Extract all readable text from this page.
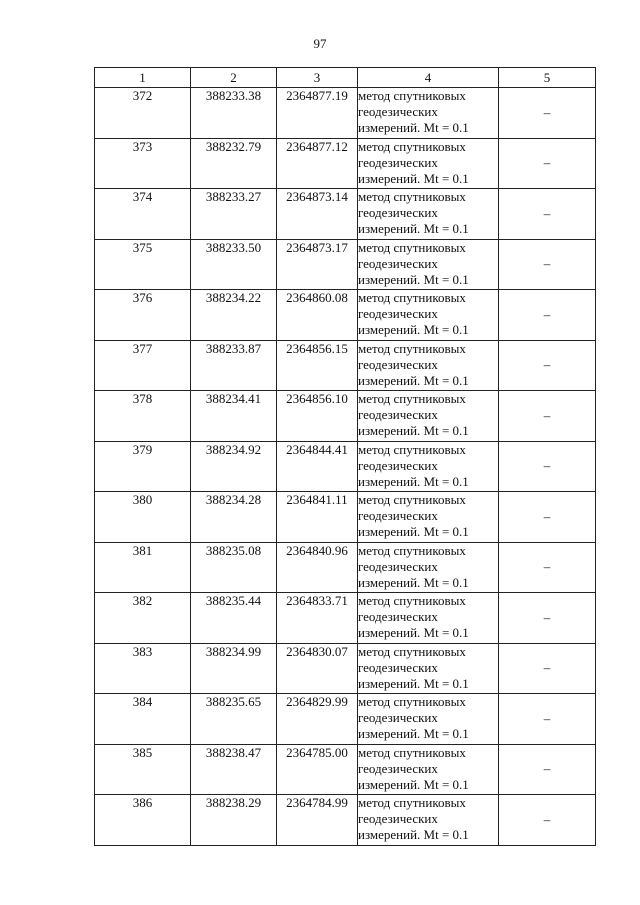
97
1	2	3	4	5
372	388233.38	2364877.19	метод спутниковых
геодезических
измерений. Mt = 0.1	–
373	388232.79	2364877.12	метод спутниковых
геодезических
измерений. Mt = 0.1	–
374	388233.27	2364873.14	метод спутниковых
геодезических
измерений. Mt = 0.1	–
375	388233.50	2364873.17	метод спутниковых
геодезических
измерений. Mt = 0.1	–
376	388234.22	2364860.08	метод спутниковых
геодезических
измерений. Mt = 0.1	–
377	388233.87	2364856.15	метод спутниковых
геодезических
измерений. Mt = 0.1	–
378	388234.41	2364856.10	метод спутниковых
геодезических
измерений. Mt = 0.1	–
379	388234.92	2364844.41	метод спутниковых
геодезических
измерений. Mt = 0.1	–
380	388234.28	2364841.11	метод спутниковых
геодезических
измерений. Mt = 0.1	–
381	388235.08	2364840.96	метод спутниковых
геодезических
измерений. Mt = 0.1	–
382	388235.44	2364833.71	метод спутниковых
геодезических
измерений. Mt = 0.1	–
383	388234.99	2364830.07	метод спутниковых
геодезических
измерений. Mt = 0.1	–
384	388235.65	2364829.99	метод спутниковых
геодезических
измерений. Mt = 0.1	–
385	388238.47	2364785.00	метод спутниковых
геодезических
измерений. Mt = 0.1	–
386	388238.29	2364784.99	метод спутниковых
геодезических
измерений. Mt = 0.1	–
